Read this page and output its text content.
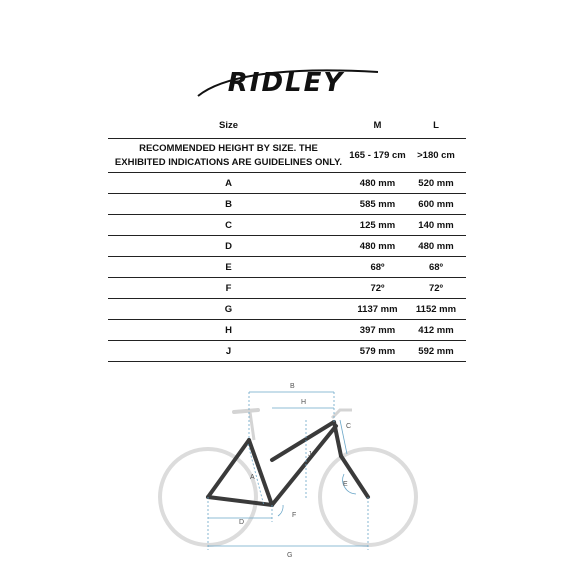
RIDLEY
Size	M	L
RECOMMENDED HEIGHT BY SIZE. THE
EXHIBITED INDICATIONS ARE GUIDELINES ONLY.	165 - 179 cm	>180 cm
A	480 mm	520 mm
B	585 mm	600 mm
C	125 mm	140 mm
D	480 mm	480 mm
E	68º	68º
F	72º	72º
G	1137 mm	1152 mm
H	397 mm	412 mm
J	579 mm	592 mm
B
H
A
J
C
E
F
D
G
